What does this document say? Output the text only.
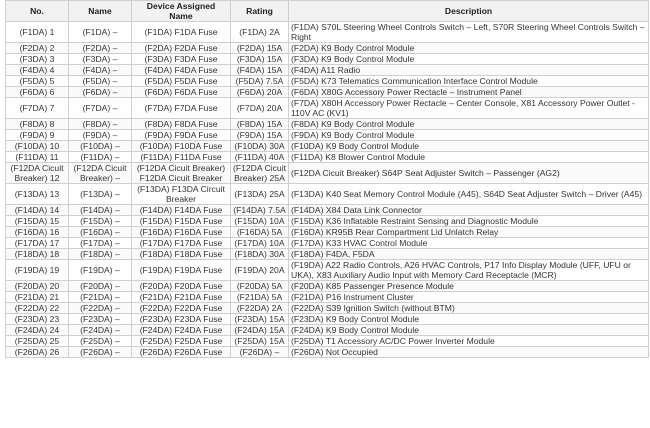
No.	Name	Device Assigned Name	Rating	Description
(F1DA) 1	(F1DA) –	(F1DA) F1DA Fuse	(F1DA) 2A	(F1DA) S70L Steering Wheel Controls Switch – Left, S70R Steering Wheel Controls Switch – Right
(F2DA) 2	(F2DA) –	(F2DA) F2DA Fuse	(F2DA) 15A	(F2DA) K9 Body Control Module
(F3DA) 3	(F3DA) –	(F3DA) F3DA Fuse	(F3DA) 15A	(F3DA) K9 Body Control Module
(F4DA) 4	(F4DA) –	(F4DA) F4DA Fuse	(F4DA) 15A	(F4DA) A11 Radio
(F5DA) 5	(F5DA) –	(F5DA) F5DA Fuse	(F5DA) 7.5A	(F5DA) K73 Telematics Communication Interface Control Module
(F6DA) 6	(F6DA) –	(F6DA) F6DA Fuse	(F6DA) 20A	(F6DA) X80G Accessory Power Rectacle – Instrument Panel
(F7DA) 7	(F7DA) –	(F7DA) F7DA Fuse	(F7DA) 20A	(F7DA) X80H Accessory Power Rectacle – Center Console, X81 Accessory Power Outlet - 110V AC (KV1)
(F8DA) 8	(F8DA) –	(F8DA) F8DA Fuse	(F8DA) 15A	(F8DA) K9 Body Control Module
(F9DA) 9	(F9DA) –	(F9DA) F9DA Fuse	(F9DA) 15A	(F9DA) K9 Body Control Module
(F10DA) 10	(F10DA) –	(F10DA) F10DA Fuse	(F10DA) 30A	(F10DA) K9 Body Control Module
(F11DA) 11	(F11DA) –	(F11DA) F11DA Fuse	(F11DA) 40A	(F11DA) K8 Blower Control Module
(F12DA Cicuit Breaker) 12	(F12DA Cicuit Breaker) –	(F12DA Cicuit Breaker) F12DA Cicuit Breaker	(F12DA Cicuit Breaker) 25A	(F12DA Cicuit Breaker) S64P Seat Adjuster Switch – Passenger (AG2)
(F13DA) 13	(F13DA) –	(F13DA) F13DA Circuit Breaker	(F13DA) 25A	(F13DA) K40 Seat Memory Control Module (A45), S64D Seat Adjuster Switch – Driver (A45)
(F14DA) 14	(F14DA) –	(F14DA) F14DA Fuse	(F14DA) 7.5A	(F14DA) X84 Data Link Connector
(F15DA) 15	(F15DA) –	(F15DA) F15DA Fuse	(F15DA) 10A	(F15DA) K36 Inflatable Restraint Sensing and Diagnostic Module
(F16DA) 16	(F16DA) –	(F16DA) F16DA Fuse	(F16DA) 5A	(F16DA) KR95B Rear Compartment Lid Unlatch Relay
(F17DA) 17	(F17DA) –	(F17DA) F17DA Fuse	(F17DA) 10A	(F17DA) K33 HVAC Control Module
(F18DA) 18	(F18DA) –	(F18DA) F18DA Fuse	(F18DA) 30A	(F18DA) F4DA, F5DA
(F19DA) 19	(F19DA) –	(F19DA) F19DA Fuse	(F19DA) 20A	(F19DA) A22 Radio Controls, A26 HVAC Controls, P17 Info Display Module (UFF, UFU or UKA), X83 Auxiliary Audio Input with Memory Card Receptacle (MCR)
(F20DA) 20	(F20DA) –	(F20DA) F20DA Fuse	(F20DA) 5A	(F20DA) K85 Passenger Presence Module
(F21DA) 21	(F21DA) –	(F21DA) F21DA Fuse	(F21DA) 5A	(F21DA) P16 Instrument Cluster
(F22DA) 22	(F22DA) –	(F22DA) F22DA Fuse	(F22DA) 2A	(F22DA) S39 Ignition Switch (without BTM)
(F23DA) 23	(F23DA) –	(F23DA) F23DA Fuse	(F23DA) 15A	(F23DA) K9 Body Control Module
(F24DA) 24	(F24DA) –	(F24DA) F24DA Fuse	(F24DA) 15A	(F24DA) K9 Body Control Module
(F25DA) 25	(F25DA) –	(F25DA) F25DA Fuse	(F25DA) 15A	(F25DA) T1 Accessory AC/DC Power Inverter Module
(F26DA) 26	(F26DA) –	(F26DA) F26DA Fuse	(F26DA) –	(F26DA) Not Occupied
